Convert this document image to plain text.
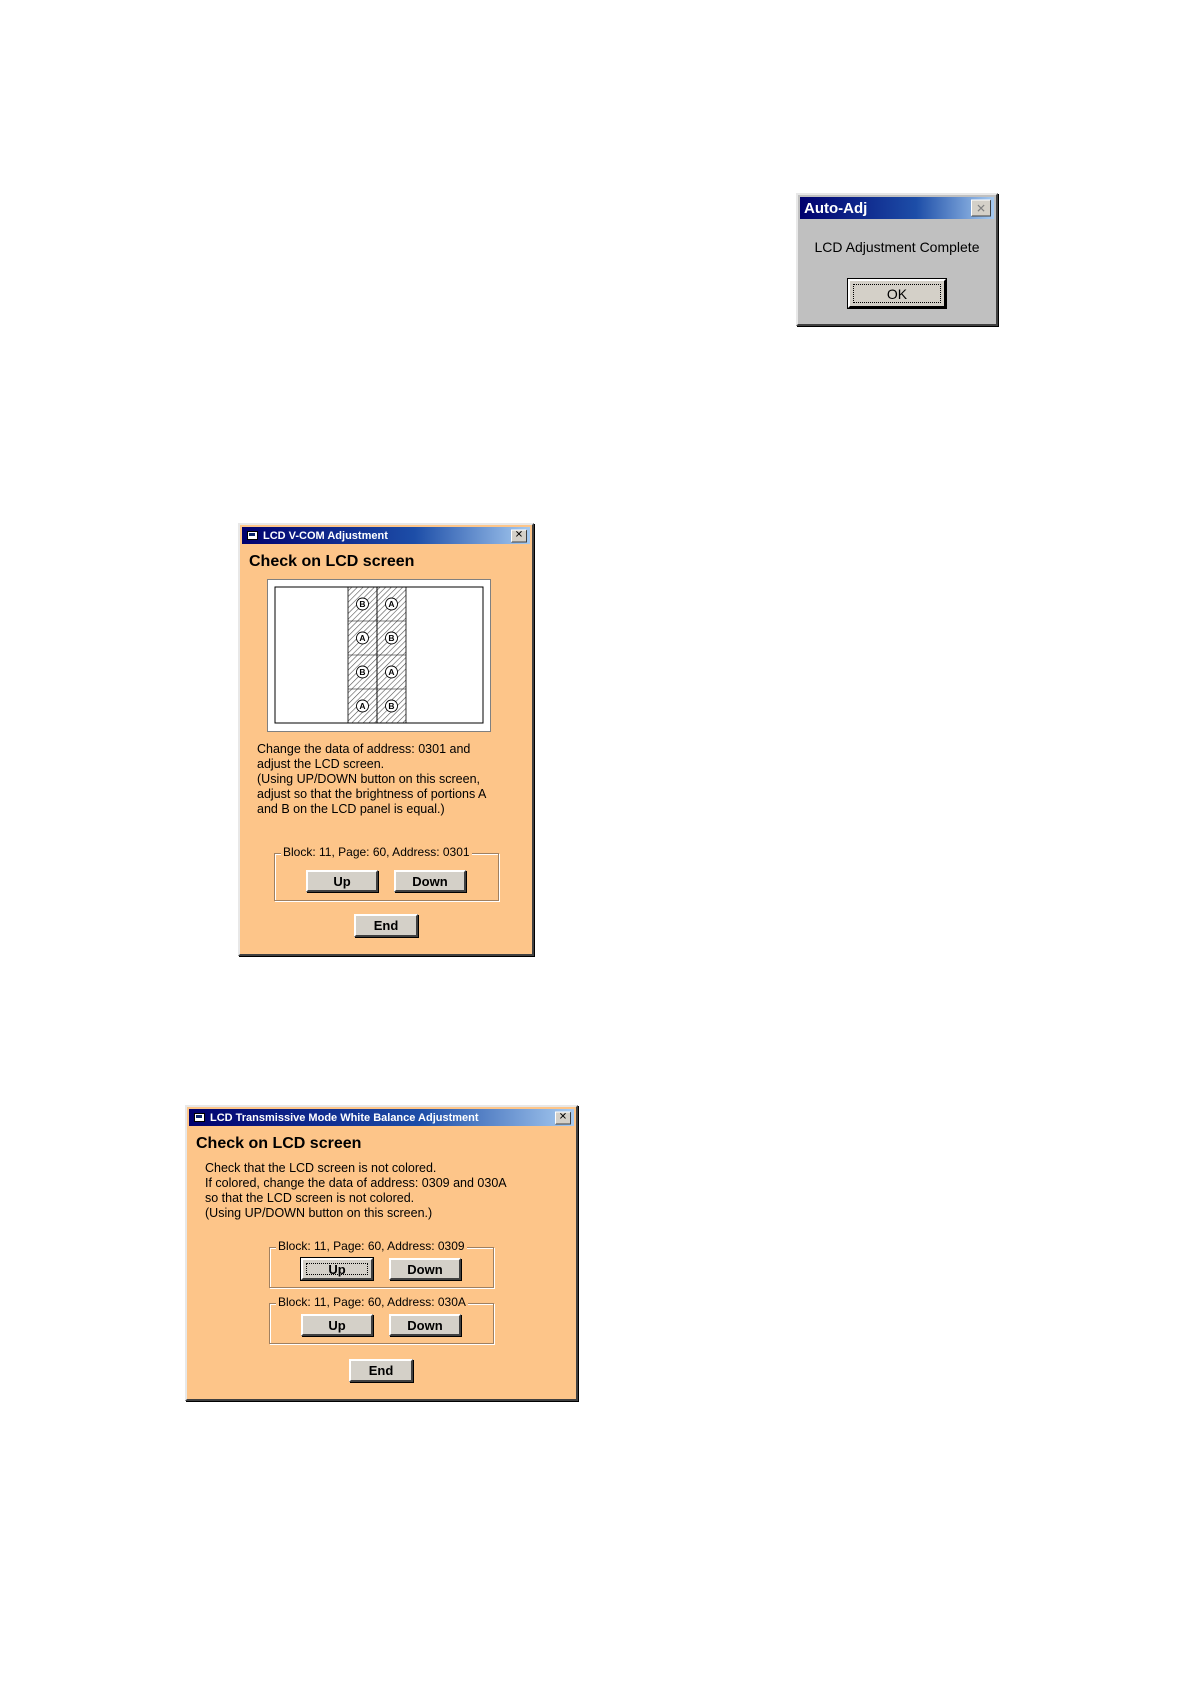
Auto-Adj	✕
LCD Adjustment Complete
OK
LCD V-COM Adjustment	✕
Check on LCD screen
B
A
B
A
A
B
A
B
Change the data of address: 0301 and
adjust the LCD screen.
(Using UP/DOWN button on this screen,
adjust so that the brightness of portions A
and B on the LCD panel is equal.)
Block: 11, Page: 60, Address: 0301
Up	Down
End
LCD Transmissive Mode White Balance Adjustment	✕
Check on LCD screen
Check that the LCD screen is not colored.
If colored, change the data of address: 0309 and 030A
so that the LCD screen is not colored.
(Using UP/DOWN button on this screen.)
Block: 11, Page: 60, Address: 0309
Up	Down
Block: 11, Page: 60, Address: 030A
Up	Down
End
